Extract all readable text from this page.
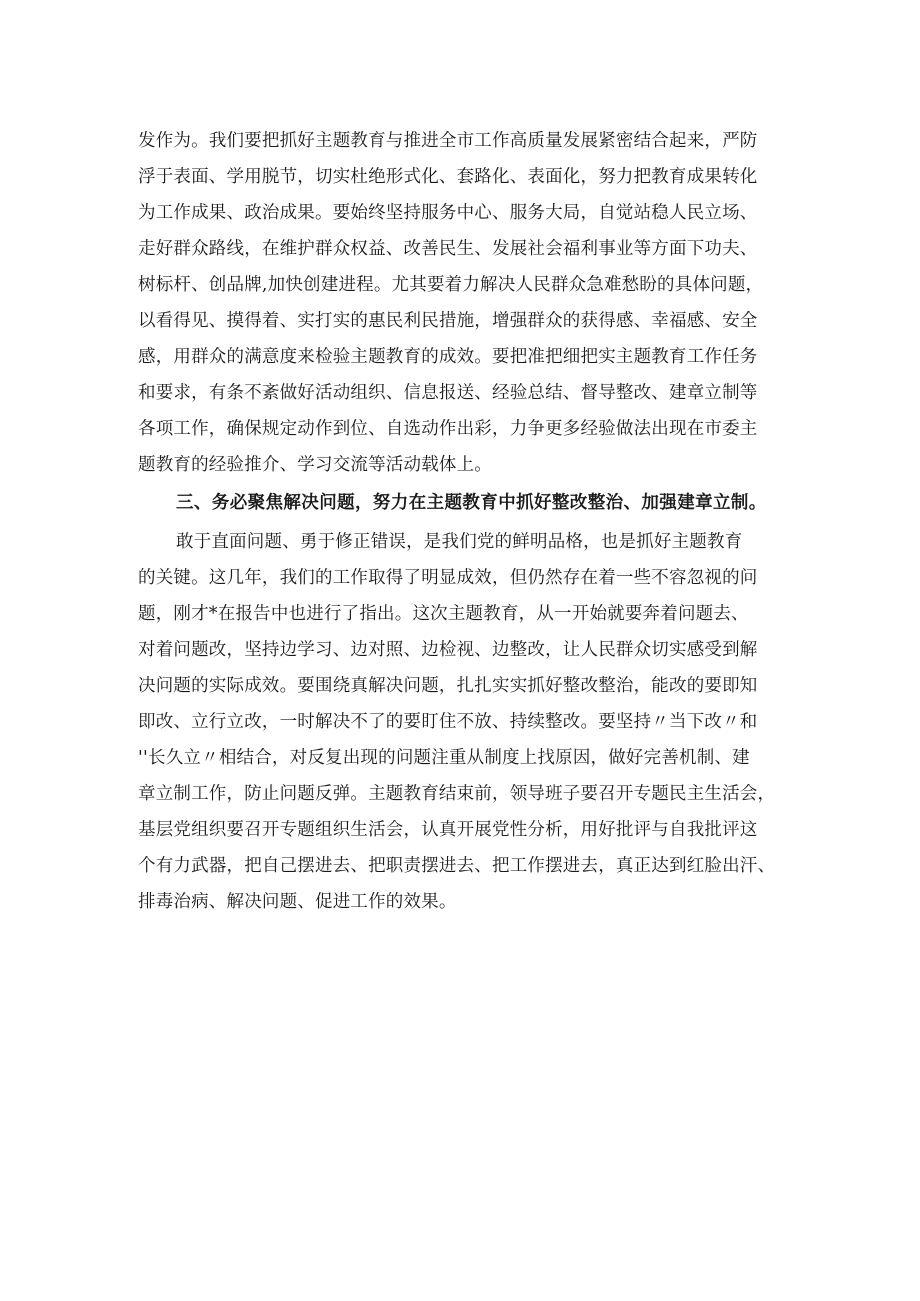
发作为。我们要把抓好主题教育与推进全市工作高质量发展紧密结合起来，严防
浮于表面、学用脱节，切实杜绝形式化、套路化、表面化，努力把教育成果转化
为工作成果、政治成果。要始终坚持服务中心、服务大局，自觉站稳人民立场、
走好群众路线，在维护群众权益、改善民生、发展社会福利事业等方面下功夫、
树标杆、创品牌,加快创建进程。尤其要着力解决人民群众急难愁盼的具体问题，
以看得见、摸得着、实打实的惠民利民措施，增强群众的获得感、幸福感、安全
感，用群众的满意度来检验主题教育的成效。要把准把细把实主题教育工作任务
和要求，有条不紊做好活动组织、信息报送、经验总结、督导整改、建章立制等
各项工作，确保规定动作到位、自选动作出彩，力争更多经验做法出现在市委主
题教育的经验推介、学习交流等活动载体上。
三、务必聚焦解决问题，努力在主题教育中抓好整改整治、加强建章立制。
敢于直面问题、勇于修正错误，是我们党的鲜明品格，也是抓好主题教育
的关键。这几年，我们的工作取得了明显成效，但仍然存在着一些不容忽视的问
题，刚才*在报告中也进行了指出。这次主题教育，从一开始就要奔着问题去、
对着问题改，坚持边学习、边对照、边检视、边整改，让人民群众切实感受到解
决问题的实际成效。要围绕真解决问题，扎扎实实抓好整改整治，能改的要即知
即改、立行立改，一时解决不了的要盯住不放、持续整改。要坚持〃当下改〃和
''长久立〃相结合，对反复出现的问题注重从制度上找原因，做好完善机制、建
章立制工作，防止问题反弹。主题教育结束前，领导班子要召开专题民主生活会，
基层党组织要召开专题组织生活会，认真开展党性分析，用好批评与自我批评这
个有力武器，把自己摆进去、把职责摆进去、把工作摆进去，真正达到红脸出汗、
排毒治病、解决问题、促进工作的效果。
